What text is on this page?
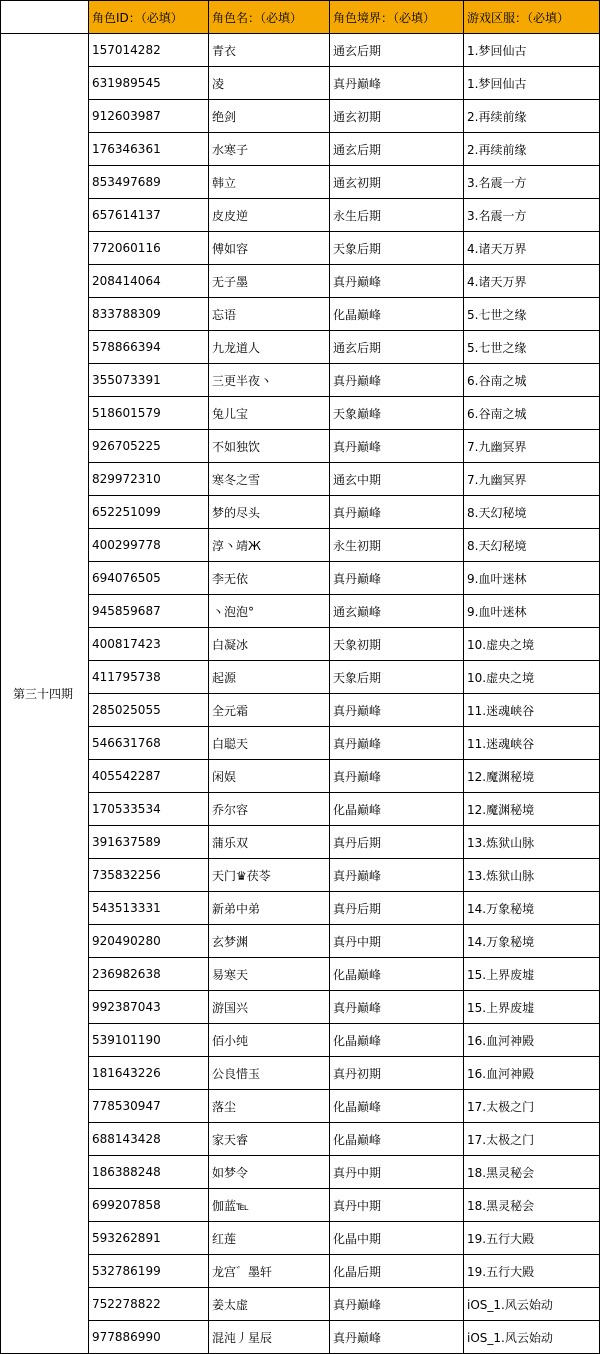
	角色ID：（必填）	角色名：（必填）	角色境界：（必填）	游戏区服：（必填）
第三十四期	157014282	青衣	通玄后期	1.梦回仙古
	631989545	凌	真丹巅峰	1.梦回仙古
	912603987	绝剑	通玄初期	2.再续前缘
	176346361	水寒子	通玄后期	2.再续前缘
	853497689	韩立	通玄初期	3.名震一方
	657614137	皮皮逆	永生后期	3.名震一方
	772060116	傅如容	天象后期	4.诸天万界
	208414064	无子墨	真丹巅峰	4.诸天万界
	833788309	忘语	化晶巅峰	5.七世之缘
	578866394	九龙道人	通玄后期	5.七世之缘
	355073391	三更半夜丶	真丹巅峰	6.谷南之城
	518601579	兔儿宝	天象巅峰	6.谷南之城
	926705225	不如独饮	真丹巅峰	7.九幽冥界
	829972310	寒冬之雪	通玄中期	7.九幽冥界
	652251099	梦的尽头	真丹巅峰	8.天幻秘境
	400299778	淳丶靖Ж	永生初期	8.天幻秘境
	694076505	李无依	真丹巅峰	9.血叶迷林
	945859687	丶泡泡°	通玄巅峰	9.血叶迷林
	400817423	白凝冰	天象初期	10.虚央之境
	411795738	起源	天象后期	10.虚央之境
	285025055	全元霜	真丹巅峰	11.迷魂峡谷
	546631768	白聪天	真丹巅峰	11.迷魂峡谷
	405542287	闲娱	真丹巅峰	12.魔渊秘境
	170533534	乔尔容	化晶巅峰	12.魔渊秘境
	391637589	蒲乐双	真丹后期	13.炼狱山脉
	735832256	天门♛茯苓	真丹巅峰	13.炼狱山脉
	543513331	新弟中弟	真丹后期	14.万象秘境
	920490280	玄梦渊	真丹中期	14.万象秘境
	236982638	易寒天	化晶巅峰	15.上界废墟
	992387043	游国兴	真丹巅峰	15.上界废墟
	539101190	佰小纯	化晶巅峰	16.血河神殿
	181643226	公良惜玉	真丹初期	16.血河神殿
	778530947	落尘	化晶巅峰	17.太极之门
	688143428	家天睿	化晶巅峰	17.太极之门
	186388248	如梦令	真丹中期	18.黑灵秘会
	699207858	伽蓝℡	真丹中期	18.黑灵秘会
	593262891	红莲	化晶中期	19.五行大殿
	532786199	龙宫゛墨轩	化晶后期	19.五行大殿
	752278822	姜太虚	真丹巅峰	iOS_1.风云始动
	977886990	混沌丿星辰	真丹巅峰	iOS_1.风云始动
